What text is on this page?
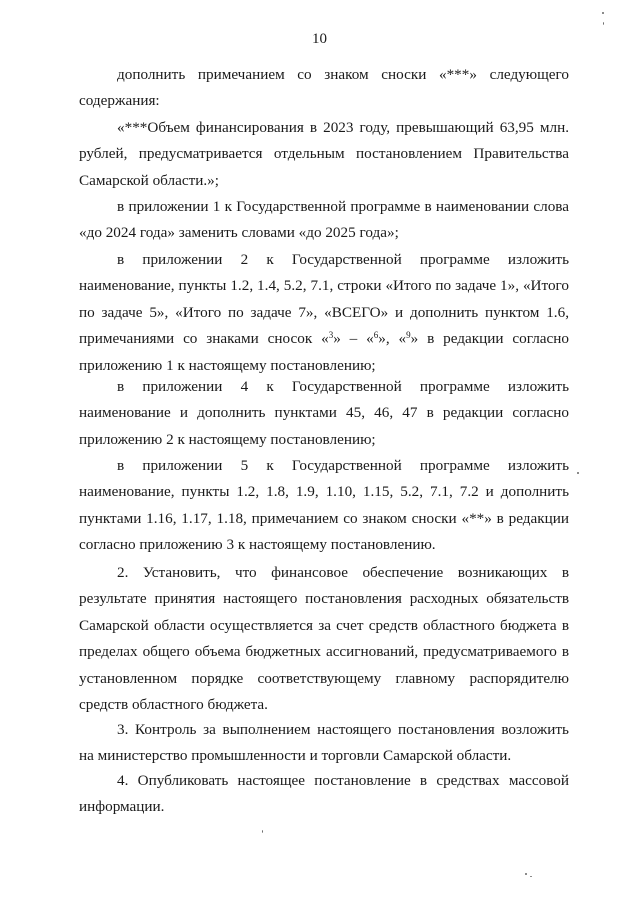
10

дополнить примечанием со знаком сноски «***» следующего содержания:

«***Объем финансирования в 2023 году, превышающий 63,95 млн. рублей, предусматривается отдельным постановлением Правительства Самарской области.»;

в приложении 1 к Государственной программе в наименовании слова «до 2024 года» заменить словами «до 2025 года»;

в приложении 2 к Государственной программе изложить наименование, пункты 1.2, 1.4, 5.2, 7.1, строки «Итого по задаче 1», «Итого по задаче 5», «Итого по задаче 7», «ВСЕГО» и дополнить пунктом 1.6, примечаниями со знаками сносок «$^3$» – «$^6$», «$^9$» в редакции согласно приложению 1 к настоящему постановлению;

в приложении 4 к Государственной программе изложить наименование и дополнить пунктами 45, 46, 47 в редакции согласно приложению 2 к настоящему постановлению;

в приложении 5 к Государственной программе изложить наименование, пункты 1.2, 1.8, 1.9, 1.10, 1.15, 5.2, 7.1, 7.2 и дополнить пунктами 1.16, 1.17, 1.18, примечанием со знаком сноски «**» в редакции согласно приложению 3 к настоящему постановлению.

2. Установить, что финансовое обеспечение возникающих в результате принятия настоящего постановления расходных обязательств Самарской области осуществляется за счет средств областного бюджета в пределах общего объема бюджетных ассигнований, предусматриваемого в установленном порядке соответствующему главному распорядителю средств областного бюджета.

3. Контроль за выполнением настоящего постановления возложить на министерство промышленности и торговли Самарской области.

4. Опубликовать настоящее постановление в средствах массовой информации.
